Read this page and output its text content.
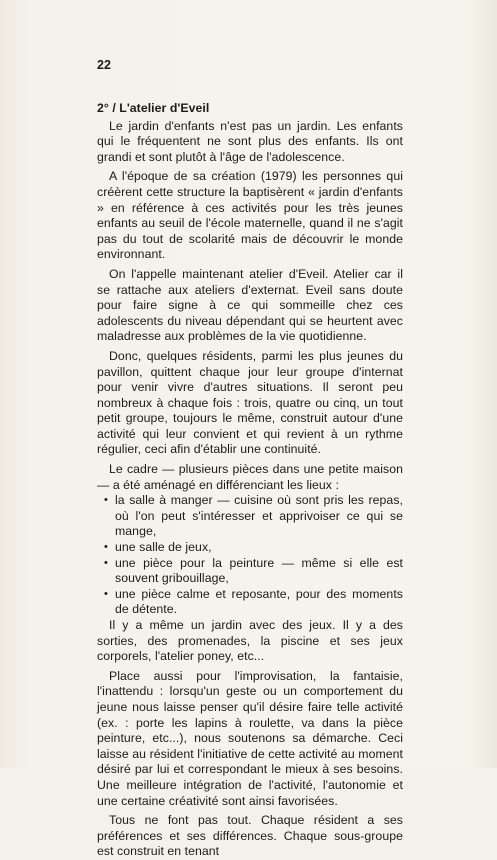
22
2° / L'atelier d'Eveil

Le jardin d'enfants n'est pas un jardin. Les enfants qui le fréquentent ne sont plus des enfants. Ils ont grandi et sont plutôt à l'âge de l'adolescence.

A l'époque de sa création (1979) les personnes qui créèrent cette structure la baptisèrent « jardin d'enfants » en référence à ces activités pour les très jeunes enfants au seuil de l'école maternelle, quand il ne s'agit pas du tout de scolarité mais de découvrir le monde environnant.

On l'appelle maintenant atelier d'Eveil. Atelier car il se rattache aux ateliers d'externat. Eveil sans doute pour faire signe à ce qui sommeille chez ces adolescents du niveau dépendant qui se heurtent avec maladresse aux problèmes de la vie quotidienne.

Donc, quelques résidents, parmi les plus jeunes du pavillon, quittent chaque jour leur groupe d'internat pour venir vivre d'autres situations. Il seront peu nombreux à chaque fois : trois, quatre ou cinq, un tout petit groupe, toujours le même, construit autour d'une activité qui leur convient et qui revient à un rythme régulier, ceci afin d'établir une continuité.

Le cadre — plusieurs pièces dans une petite maison — a été aménagé en différenciant les lieux :

• la salle à manger — cuisine où sont pris les repas, où l'on peut s'intéresser et apprivoiser ce qui se mange,
• une salle de jeux,
• une pièce pour la peinture — même si elle est souvent gribouillage,
• une pièce calme et reposante, pour des moments de détente.

Il y a même un jardin avec des jeux. Il y a des sorties, des promenades, la piscine et ses jeux corporels, l'atelier poney, etc...

Place aussi pour l'improvisation, la fantaisie, l'inattendu : lorsqu'un geste ou un comportement du jeune nous laisse penser qu'il désire faire telle activité (ex. : porte les lapins à roulette, va dans la pièce peinture, etc...), nous soutenons sa démarche. Ceci laisse au résident l'initiative de cette activité au moment désiré par lui et correspondant le mieux à ses besoins. Une meilleure intégration de l'activité, l'autonomie et une certaine créativité sont ainsi favorisées.

Tous ne font pas tout. Chaque résident a ses préférences et ses différences. Chaque sous-groupe est construit en tenant
